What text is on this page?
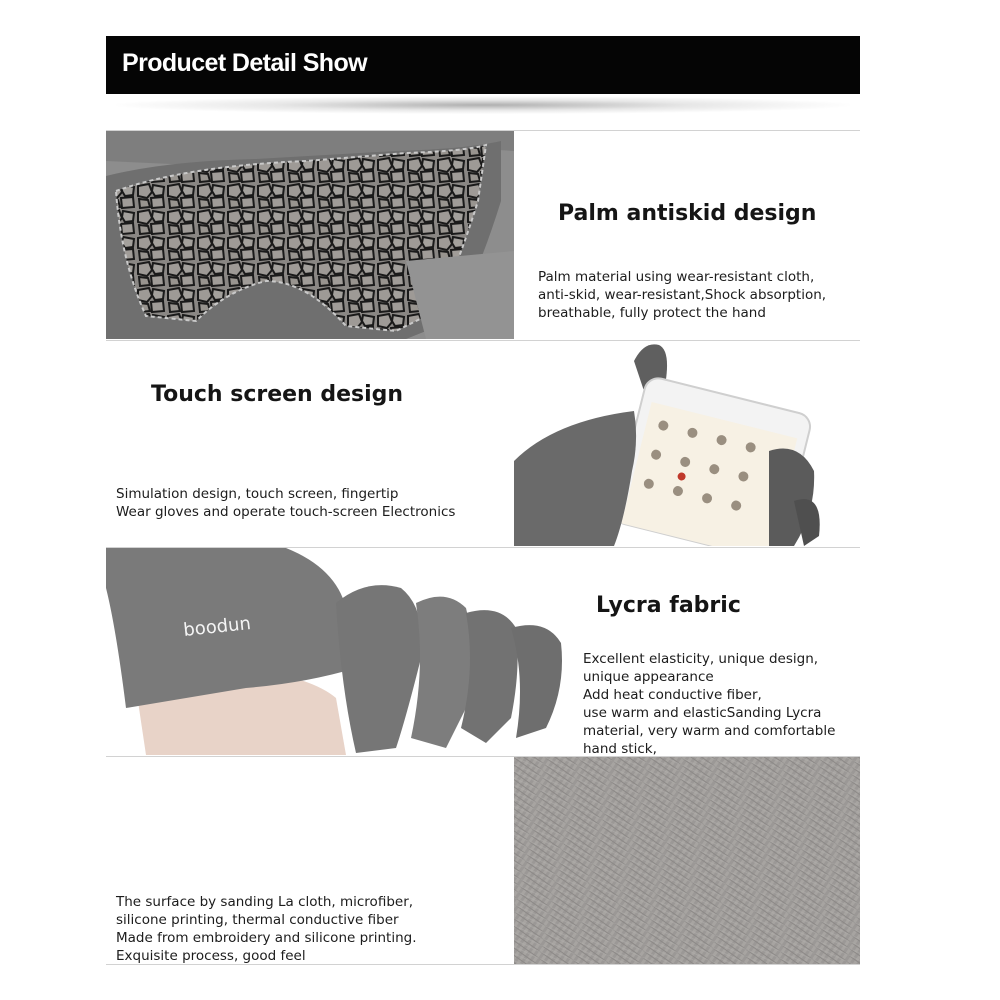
Producet Detail Show
Palm antiskid design
Palm material using wear-resistant cloth,
anti-skid, wear-resistant,Shock absorption,
breathable, fully protect the hand
Touch screen design
Simulation design, touch screen, fingertip
Wear gloves and operate touch-screen Electronics
boodun
Lycra fabric
Excellent elasticity, unique design,
unique appearance
Add heat conductive fiber,
use warm and elasticSanding Lycra
material, very warm and comfortable
hand stick,
The surface by sanding La cloth, microfiber,
silicone printing, thermal conductive fiber
Made from embroidery and silicone printing.
Exquisite process, good feel
